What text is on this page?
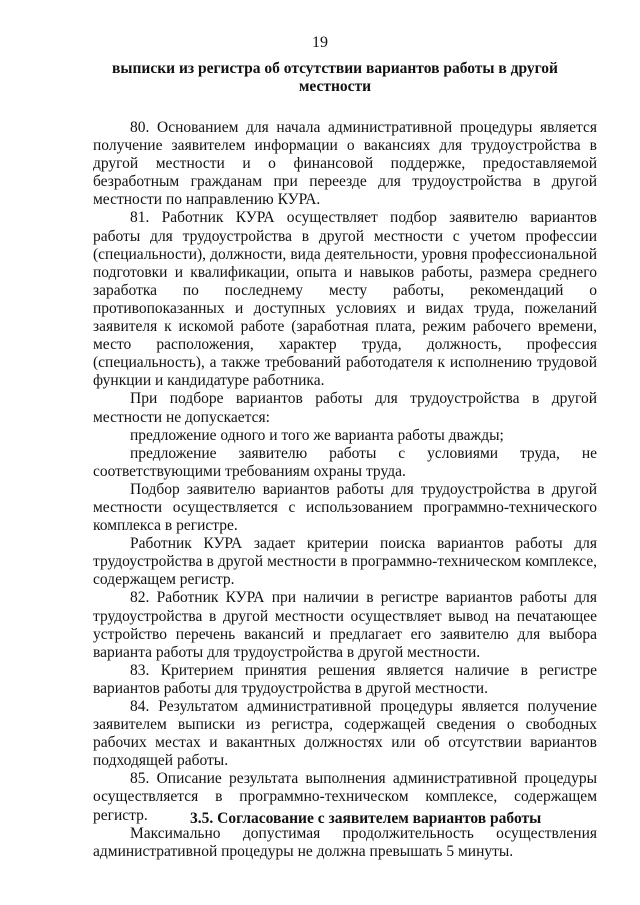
19
выписки из регистра об отсутствии вариантов работы в другой местности

80. Основанием для начала административной процедуры является получение заявителем информации о вакансиях для трудоустройства в другой местности и о финансовой поддержке, предоставляемой безработным гражданам при переезде для трудоустройства в другой местности по направлению КУРА.

81. Работник КУРА осуществляет подбор заявителю вариантов работы для трудоустройства в другой местности с учетом профессии (специальности), должности, вида деятельности, уровня профессиональной подготовки и квалификации, опыта и навыков работы, размера среднего заработка по последнему месту работы, рекомендаций о противопоказанных и доступных условиях и видах труда, пожеланий заявителя к искомой работе (заработная плата, режим рабочего времени, место расположения, характер труда, должность, профессия (специальность), а также требований работодателя к исполнению трудовой функции и кандидатуре работника.

При подборе вариантов работы для трудоустройства в другой местности не допускается:

предложение одного и того же варианта работы дважды;

предложение заявителю работы с условиями труда, не соответствующими требованиям охраны труда.

Подбор заявителю вариантов работы для трудоустройства в другой местности осуществляется с использованием программно-технического комплекса в регистре.

Работник КУРА задает критерии поиска вариантов работы для трудоустройства в другой местности в программно-техническом комплексе, содержащем регистр.

82. Работник КУРА при наличии в регистре вариантов работы для трудоустройства в другой местности осуществляет вывод на печатающее устройство перечень вакансий и предлагает его заявителю для выбора варианта работы для трудоустройства в другой местности.

83. Критерием принятия решения является наличие в регистре вариантов работы для трудоустройства в другой местности.

84. Результатом административной процедуры является получение заявителем выписки из регистра, содержащей сведения о свободных рабочих местах и вакантных должностях или об отсутствии вариантов подходящей работы.

85. Описание результата выполнения административной процедуры осуществляется в программно-техническом комплексе, содержащем регистр.

Максимально допустимая продолжительность осуществления административной процедуры не должна превышать 5 минуты.

3.5. Согласование с заявителем вариантов работы
